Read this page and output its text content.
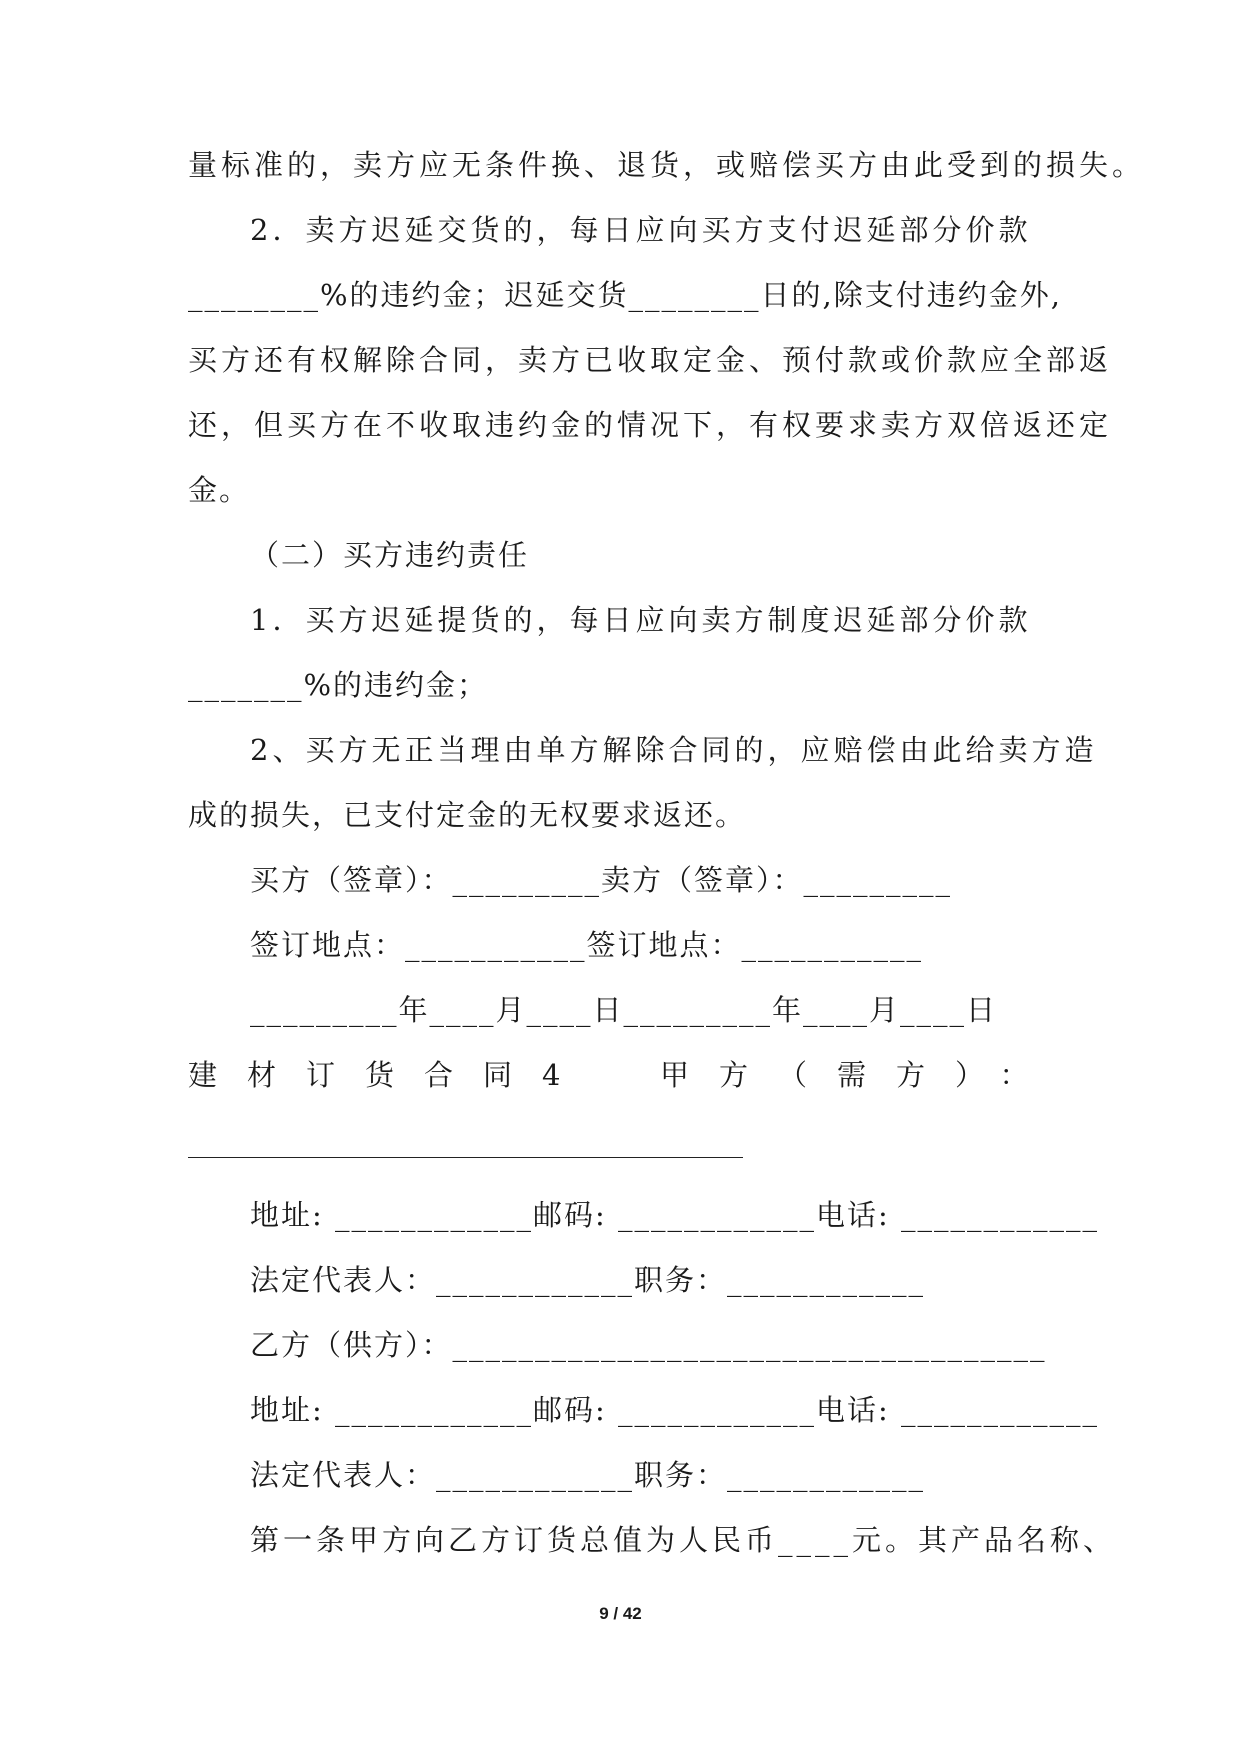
量标准的，卖方应无条件换、退货，或赔偿买方由此受到的损失。
2．卖方迟延交货的，每日应向买方支付迟延部分价款
________%的违约金；迟延交货________日的,除支付违约金外,
买方还有权解除合同，卖方已收取定金、预付款或价款应全部返
还，但买方在不收取违约金的情况下，有权要求卖方双倍返还定
金。
（二）买方违约责任
1．买方迟延提货的，每日应向卖方制度迟延部分价款
_______%的违约金；
2、买方无正当理由单方解除合同的，应赔偿由此给卖方造
成的损失，已支付定金的无权要求返还。
买方（签章）：_________卖方（签章）：_________
签订地点：___________签订地点：___________
_________年____月____日_________年____月____日
建材订货合同4	甲方（需方）：
地址: ____________邮码: ____________电话: ____________
法定代表人：____________职务：____________
乙方（供方）：____________________________________
地址: ____________邮码: ____________电话: ____________
法定代表人：____________职务：____________
第一条甲方向乙方订货总值为人民币____元。其产品名称、
9 / 42
